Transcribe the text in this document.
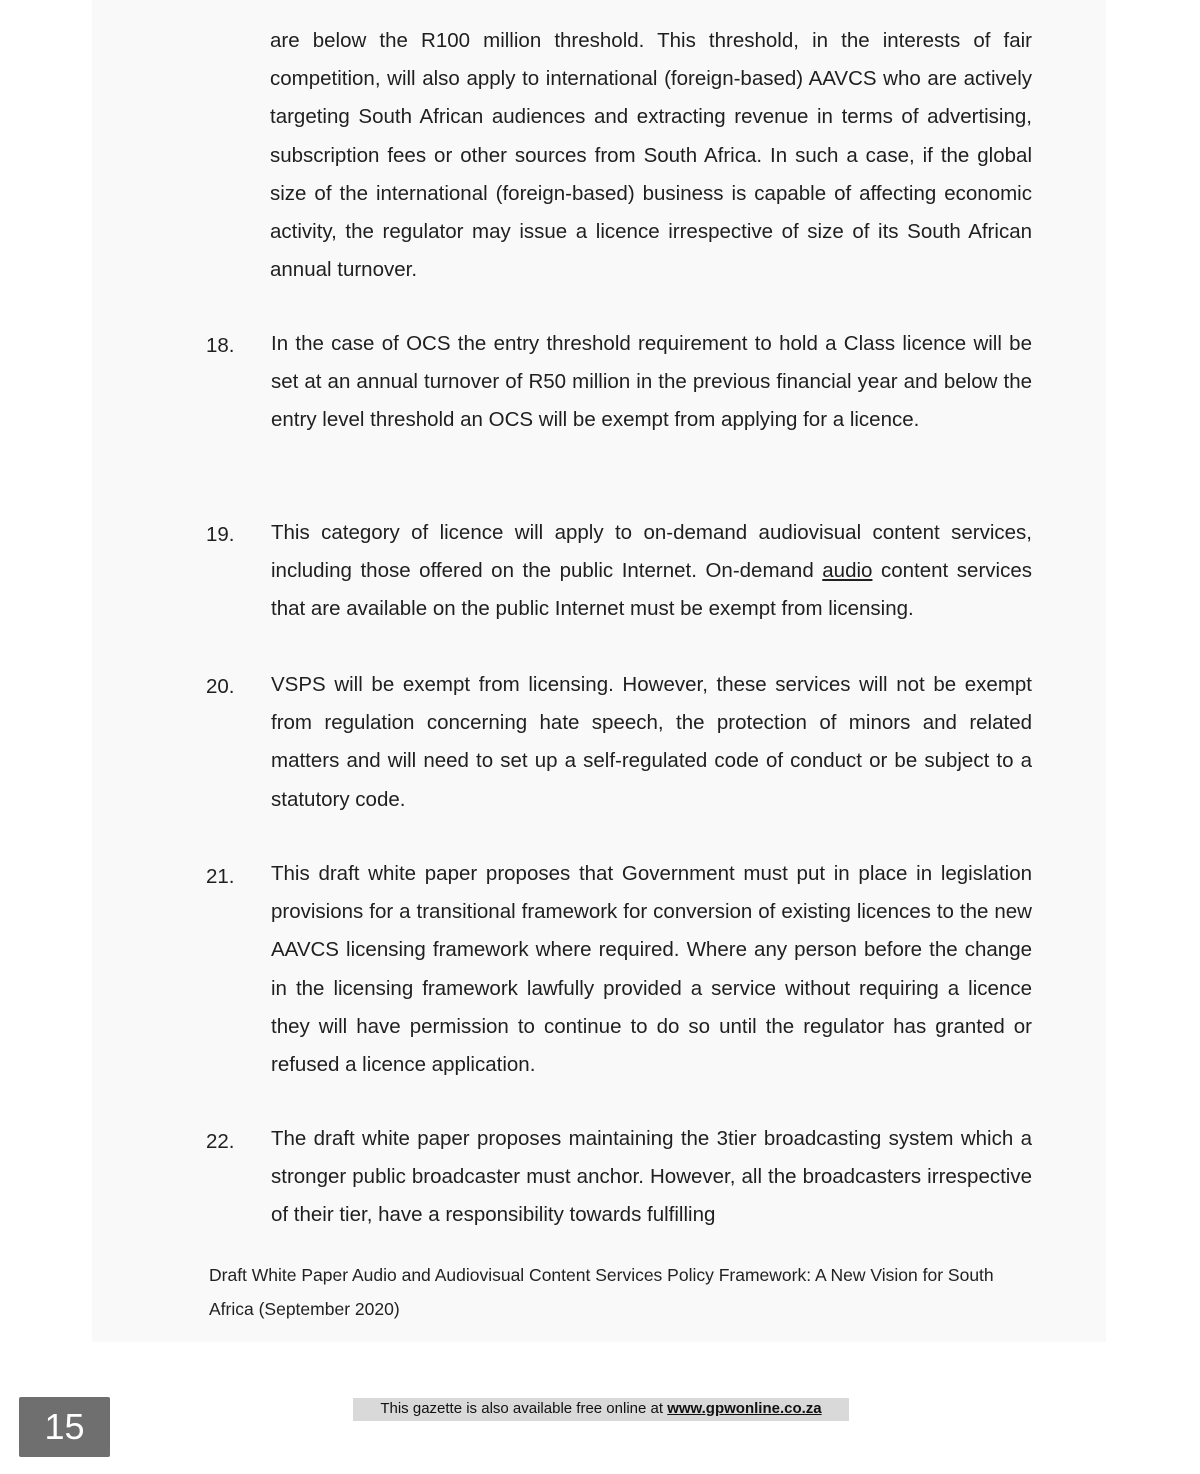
are below the R100 million threshold. This threshold, in the interests of fair competition, will also apply to international (foreign-based) AAVCS who are actively targeting South African audiences and extracting revenue in terms of advertising, subscription fees or other sources from South Africa. In such a case, if the global size of the international (foreign-based) business is capable of affecting economic activity, the regulator may issue a licence irrespective of size of its South African annual turnover.
18. In the case of OCS the entry threshold requirement to hold a Class licence will be set at an annual turnover of R50 million in the previous financial year and below the entry level threshold an OCS will be exempt from applying for a licence.
19. This category of licence will apply to on-demand audiovisual content services, including those offered on the public Internet. On-demand audio content services that are available on the public Internet must be exempt from licensing.
20. VSPS will be exempt from licensing. However, these services will not be exempt from regulation concerning hate speech, the protection of minors and related matters and will need to set up a self-regulated code of conduct or be subject to a statutory code.
21. This draft white paper proposes that Government must put in place in legislation provisions for a transitional framework for conversion of existing licences to the new AAVCS licensing framework where required. Where any person before the change in the licensing framework lawfully provided a service without requiring a licence they will have permission to continue to do so until the regulator has granted or refused a licence application.
22. The draft white paper proposes maintaining the 3tier broadcasting system which a stronger public broadcaster must anchor. However, all the broadcasters irrespective of their tier, have a responsibility towards fulfilling
Draft White Paper Audio and Audiovisual Content Services Policy Framework: A New Vision for South Africa (September 2020)
This gazette is also available free online at www.gpwonline.co.za
15
